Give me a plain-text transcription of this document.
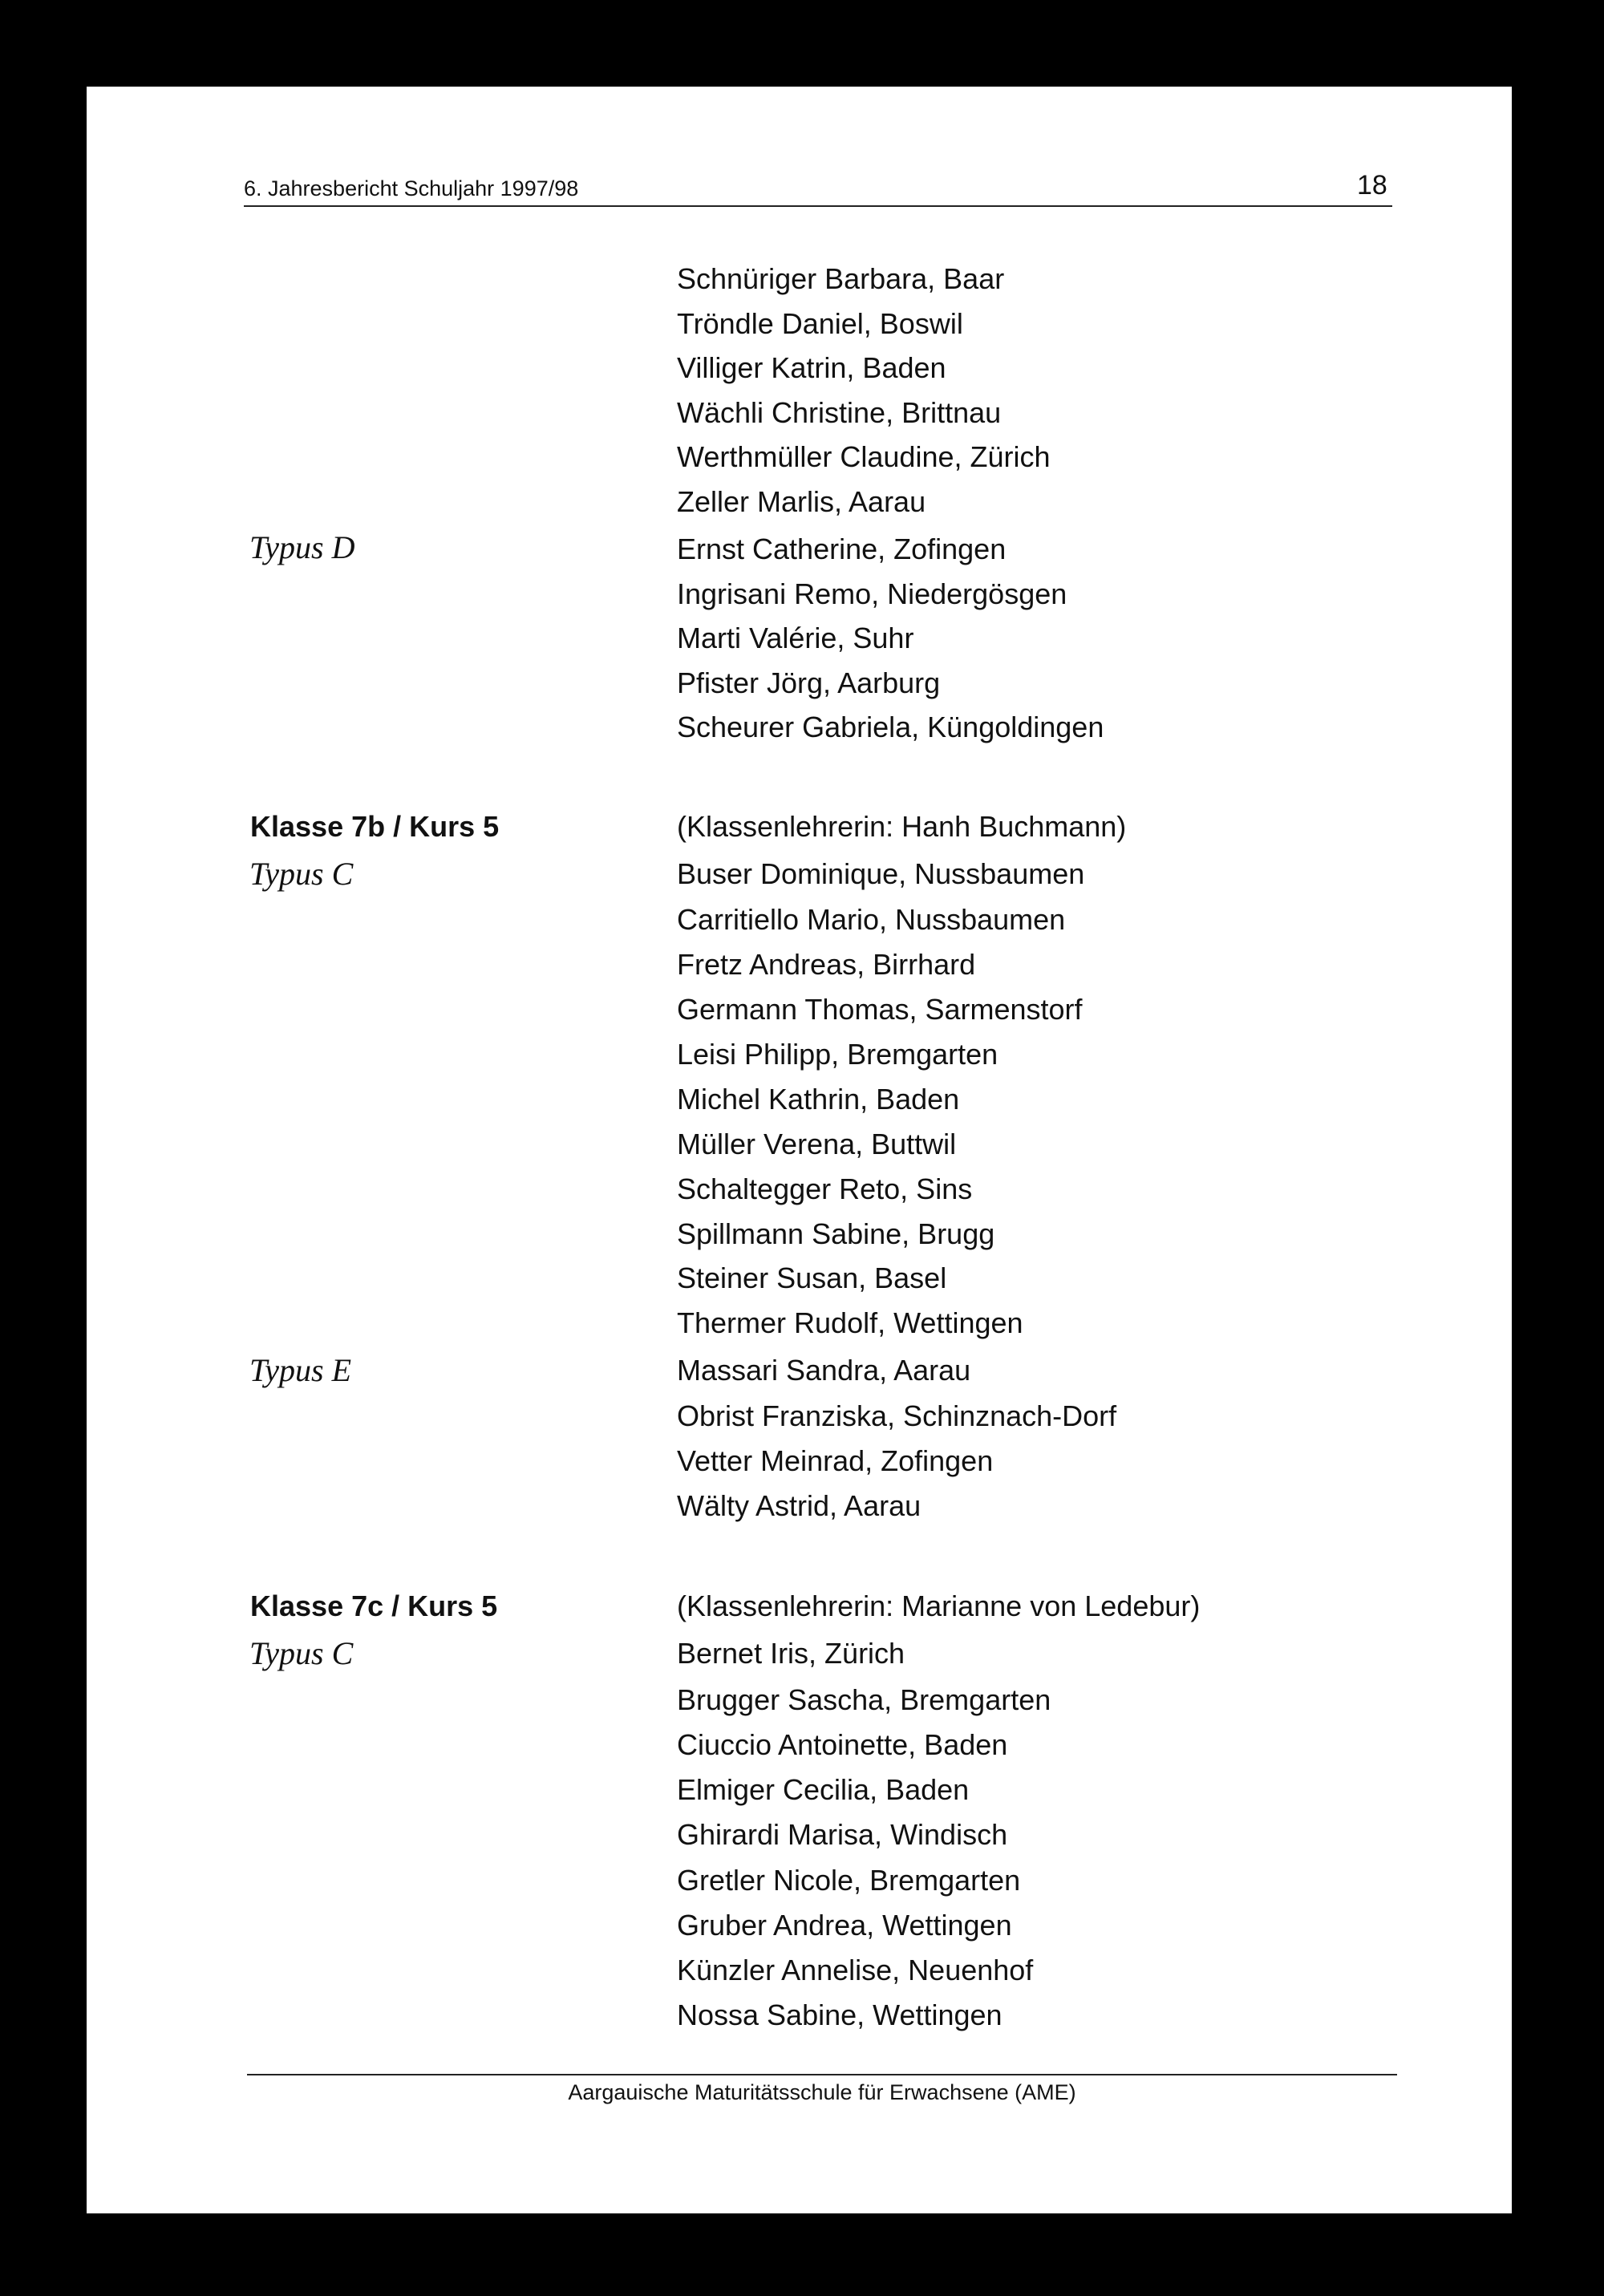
6. Jahresbericht Schuljahr 1997/98	18
Schnüriger Barbara, Baar
Tröndle Daniel, Boswil
Villiger Katrin, Baden
Wächli Christine, Brittnau
Werthmüller Claudine, Zürich
Zeller Marlis, Aarau
Typus D	Ernst Catherine, Zofingen
Ingrisani Remo, Niedergösgen
Marti Valérie, Suhr
Pfister Jörg, Aarburg
Scheurer Gabriela, Küngoldingen
Klasse 7b / Kurs 5	(Klassenlehrerin: Hanh Buchmann)
Typus C	Buser Dominique, Nussbaumen
Carritiello Mario, Nussbaumen
Fretz Andreas, Birrhard
Germann Thomas, Sarmenstorf
Leisi Philipp, Bremgarten
Michel Kathrin, Baden
Müller Verena, Buttwil
Schaltegger Reto, Sins
Spillmann Sabine, Brugg
Steiner Susan, Basel
Thermer Rudolf, Wettingen
Typus E	Massari Sandra, Aarau
Obrist Franziska, Schinznach-Dorf
Vetter Meinrad, Zofingen
Wälty Astrid, Aarau
Klasse 7c / Kurs 5	(Klassenlehrerin: Marianne von Ledebur)
Typus C	Bernet Iris, Zürich
Brugger Sascha, Bremgarten
Ciuccio Antoinette, Baden
Elmiger Cecilia, Baden
Ghirardi Marisa, Windisch
Gretler Nicole, Bremgarten
Gruber Andrea, Wettingen
Künzler Annelise, Neuenhof
Nossa Sabine, Wettingen
Aargauische Maturitätsschule für Erwachsene (AME)
